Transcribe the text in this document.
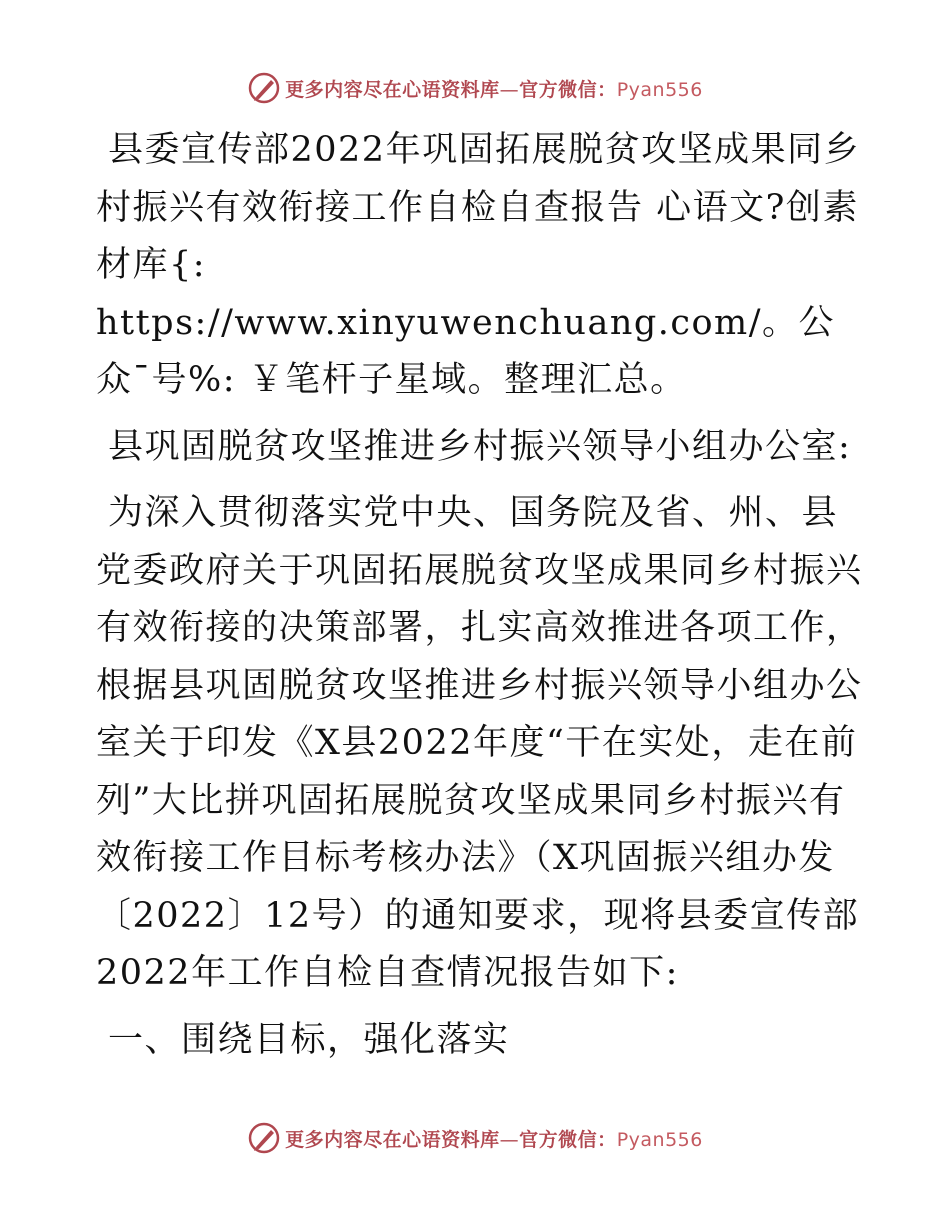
更多内容尽在心语资料库—官方微信：Pyan556

县委宣传部2022年巩固拓展脱贫攻坚成果同乡村振兴有效衔接工作自检自查报告 心语文?创素材库{: https://www.xinyuwenchuang.com/。公众¯号%: ￥笔杆子星域。整理汇总。

县巩固脱贫攻坚推进乡村振兴领导小组办公室:

为深入贯彻落实党中央、国务院及省、州、县党委政府关于巩固拓展脱贫攻坚成果同乡村振兴有效衔接的决策部署，扎实高效推进各项工作，根据县巩固脱贫攻坚推进乡村振兴领导小组办公室关于印发《X县2022年度“干在实处，走在前列”大比拼巩固拓展脱贫攻坚成果同乡村振兴有效衔接工作目标考核办法》（X巩固振兴组办发〔2022〕12号）的通知要求，现将县委宣传部2022年工作自检自查情况报告如下:

一、围绕目标，强化落实

更多内容尽在心语资料库—官方微信：Pyan556
